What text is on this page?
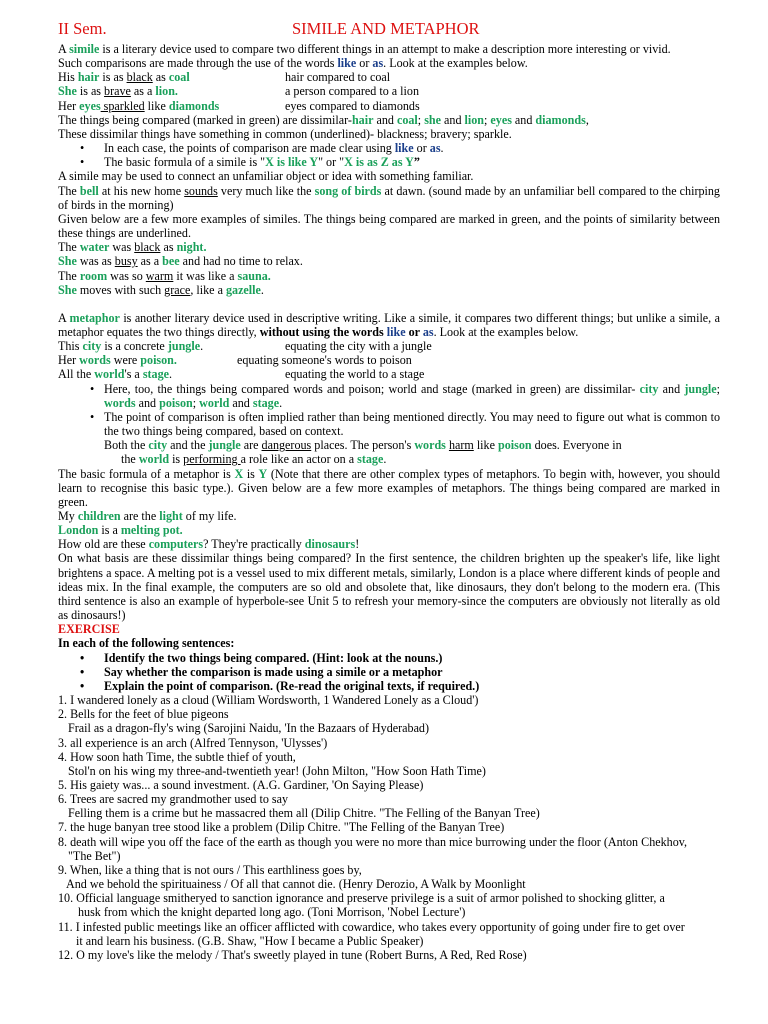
II Sem.	SIMILE AND METAPHOR

A simile is a literary device used to compare two different things in an attempt to make a description more interesting or vivid.

Such comparisons are made through the use of the words like or as. Look at the examples below.

His hair is as black as coal	hair compared to coal

She is as brave as a lion.	a person compared to a lion

Her eyes sparkled like diamonds	eyes compared to diamonds

The things being compared (marked in green) are dissimilar-hair and coal; she and lion; eyes and diamonds,

These dissimilar things have something in common (underlined)- blackness; bravery; sparkle.

• In each case, the points of comparison are made clear using like or as.

• The basic formula of a simile is "X is like Y" or "X is as Z as Y”

A simile may be used to connect an unfamiliar object or idea with something familiar.

The bell at his new home sounds very much like the song of birds at dawn. (sound made by an unfamiliar bell compared to the chirping of birds in the morning)

Given below are a few more examples of similes. The things being compared are marked in green, and the points of similarity between these things are underlined.

The water was black as night.

She was as busy as a bee and had no time to relax.

The room was so warm it was like a sauna.

She moves with such grace, like a gazelle.

A metaphor is another literary device used in descriptive writing. Like a simile, it compares two different things; but unlike a simile, a metaphor equates the two things directly, without using the words like or as. Look at the examples below.

This city is a concrete jungle.	equating the city with a jungle

Her words were poison.	equating someone's words to poison

All the world's a stage.	equating the world to a stage

• Here, too, the things being compared words and poison; world and stage (marked in green) are dissimilar- city and jungle; words and poison; world and stage.

• The point of comparison is often implied rather than being mentioned directly. You may need to figure out what is common to the two things being compared, based on context.

Both the city and the jungle are dangerous places. The person's words harm like poison does. Everyone in

the world is performing a role like an actor on a stage.

The basic formula of a metaphor is X is Y (Note that there are other complex types of metaphors. To begin with, however, you should learn to recognise this basic type.). Given below are a few more examples of metaphors. The things being compared are marked in green.

My children are the light of my life.

London is a melting pot.

How old are these computers? They're practically dinosaurs!

On what basis are these dissimilar things being compared? In the first sentence, the children brighten up the speaker's life, like light brightens a space. A melting pot is a vessel used to mix different metals, similarly, London is a place where different kinds of people and ideas mix. In the final example, the computers are so old and obsolete that, like dinosaurs, they don't belong to the modern era. (This third sentence is also an example of hyperbole-see Unit 5 to refresh your memory-since the computers are obviously not literally as old as dinosaurs!)

EXERCISE

In each of the following sentences:

• Identify the two things being compared. (Hint: look at the nouns.)

• Say whether the comparison is made using a simile or a metaphor

• Explain the point of comparison. (Re-read the original texts, if required.)

1. I wandered lonely as a cloud (William Wordsworth, 1 Wandered Lonely as a Cloud')

2. Bells for the feet of blue pigeons

Frail as a dragon-fly's wing (Sarojini Naidu, 'In the Bazaars of Hyderabad)

3. all experience is an arch (Alfred Tennyson, 'Ulysses')

4. How soon hath Time, the subtle thief of youth,

Stol'n on his wing my three-and-twentieth year! (John Milton, "How Soon Hath Time)

5. His gaiety was... a sound investment. (A.G. Gardiner, 'On Saying Please)

6. Trees are sacred my grandmother used to say

Felling them is a crime but he massacred them all (Dilip Chitre. "The Felling of the Banyan Tree)

7. the huge banyan tree stood like a problem (Dilip Chitre. "The Felling of the Banyan Tree)

8. death will wipe you off the face of the earth as though you were no more than mice burrowing under the floor (Anton Chekhov,

"The Bet")

9. When, like a thing that is not ours / This earthliness goes by,

And we behold the spirituainess / Of all that cannot die. (Henry Derozio, A Walk by Moonlight

10. Official language smitheryed to sanction ignorance and preserve privilege is a suit of armor polished to shocking glitter, a

husk from which the knight departed long ago. (Toni Morrison, 'Nobel Lecture')

11. I infested public meetings like an officer afflicted with cowardice, who takes every opportunity of going under fire to get over

it and learn his business. (G.B. Shaw, "How I became a Public Speaker)

12. O my love's like the melody / That's sweetly played in tune (Robert Burns, A Red, Red Rose)
